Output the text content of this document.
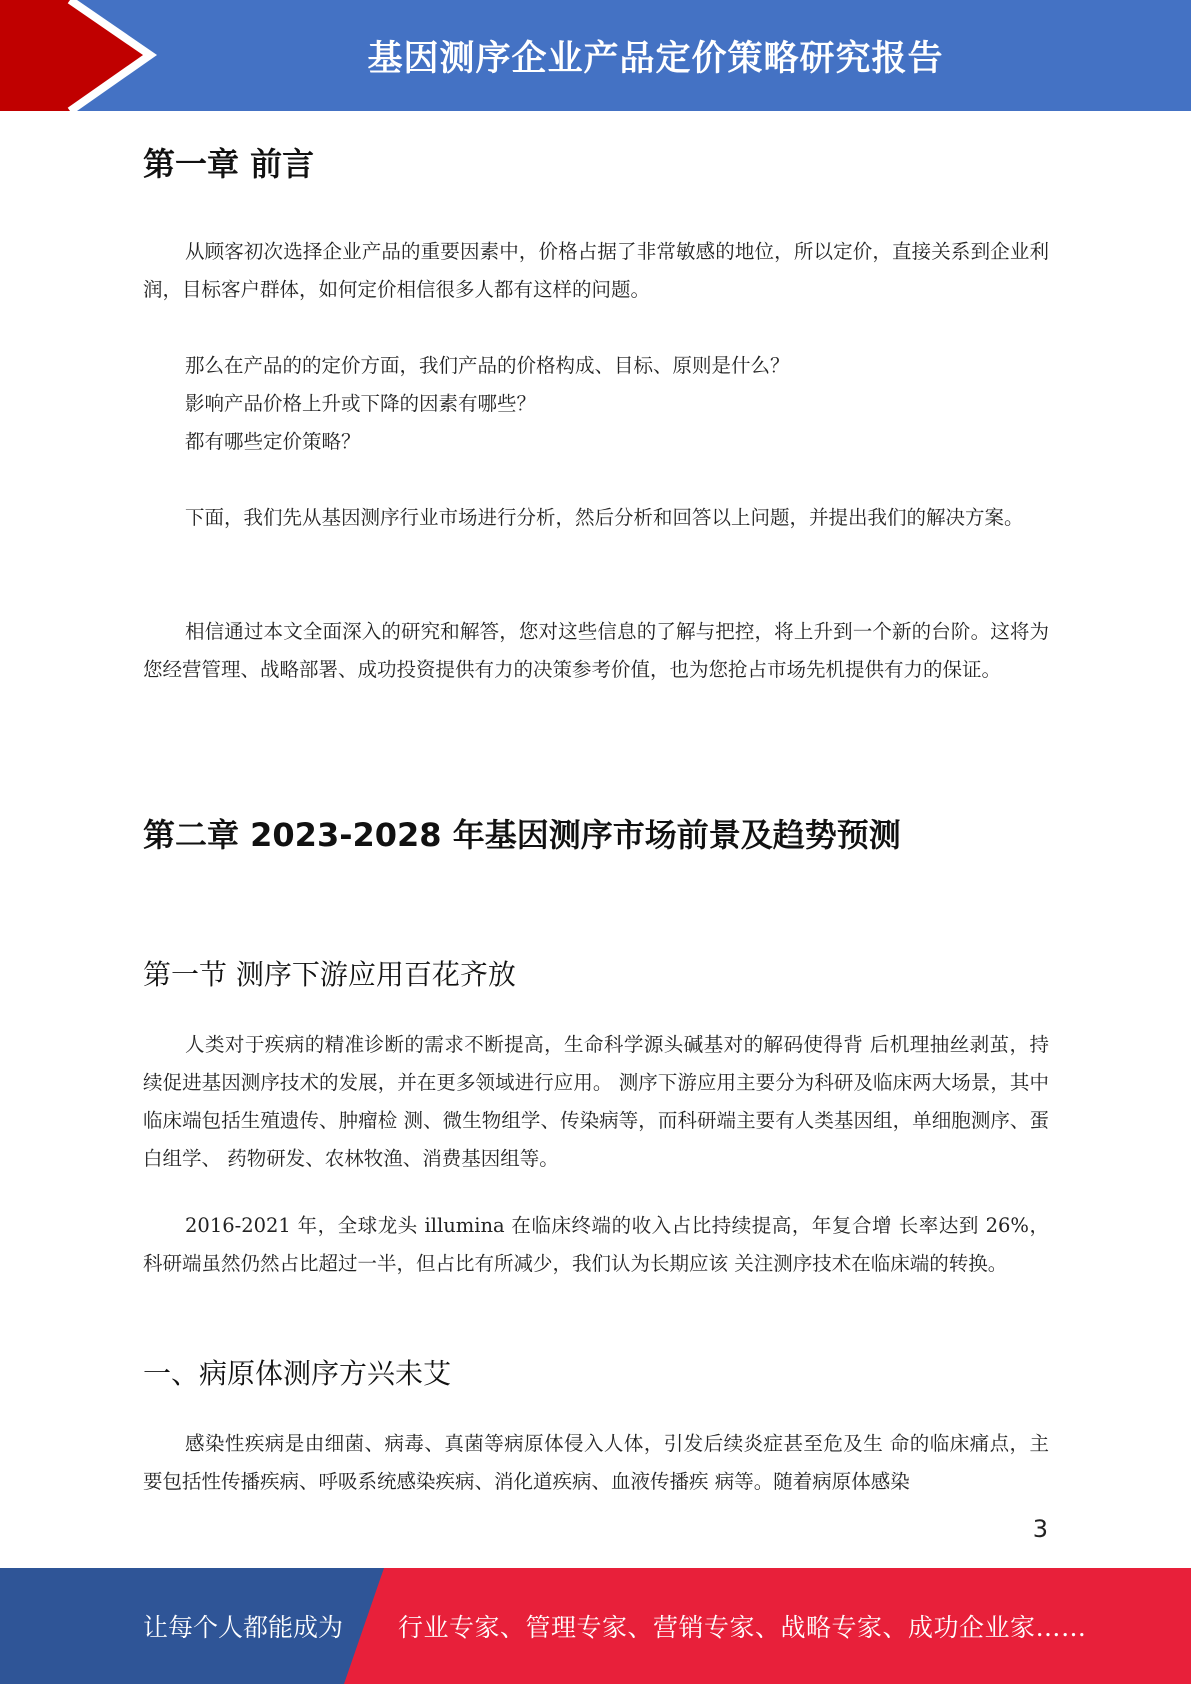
基因测序企业产品定价策略研究报告
第一章 前言

从顾客初次选择企业产品的重要因素中，价格占据了非常敏感的地位，所以定价，直接关系到企业利润，目标客户群体，如何定价相信很多人都有这样的问题。

那么在产品的的定价方面，我们产品的价格构成、目标、原则是什么？

影响产品价格上升或下降的因素有哪些？

都有哪些定价策略？

下面，我们先从基因测序行业市场进行分析，然后分析和回答以上问题，并提出我们的解决方案。

相信通过本文全面深入的研究和解答，您对这些信息的了解与把控，将上升到一个新的台阶。这将为您经营管理、战略部署、成功投资提供有力的决策参考价值，也为您抢占市场先机提供有力的保证。

第二章 2023-2028 年基因测序市场前景及趋势预测
第一节 测序下游应用百花齐放

人类对于疾病的精准诊断的需求不断提高，生命科学源头碱基对的解码使得背 后机理抽丝剥茧，持续促进基因测序技术的发展，并在更多领域进行应用。 测序下游应用主要分为科研及临床两大场景，其中临床端包括生殖遗传、肿瘤检 测、微生物组学、传染病等，而科研端主要有人类基因组，单细胞测序、蛋白组学、 药物研发、农林牧渔、消费基因组等。

2016-2021 年，全球龙头 illumina 在临床终端的收入占比持续提高，年复合增 长率达到 26%，科研端虽然仍然占比超过一半，但占比有所减少，我们认为长期应该 关注测序技术在临床端的转换。

一、病原体测序方兴未艾

感染性疾病是由细菌、病毒、真菌等病原体侵入人体，引发后续炎症甚至危及生 命的临床痛点，主要包括性传播疾病、呼吸系统感染疾病、消化道疾病、血液传播疾 病等。随着病原体感染

3
让每个人都能成为 行业专家、管理专家、营销专家、战略专家、成功企业家……
